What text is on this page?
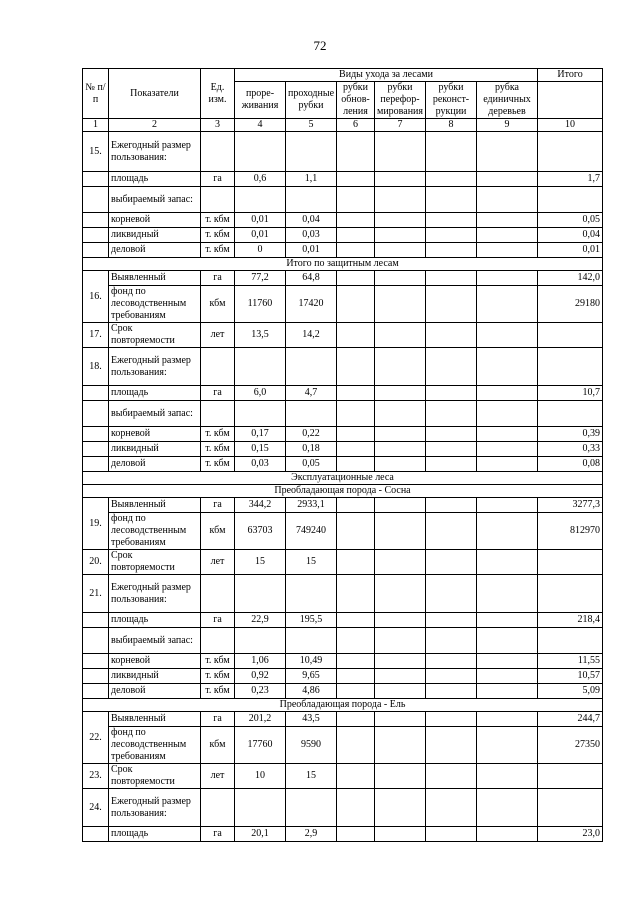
72
№ п/п	Показатели	Ед. изм.	Виды ухода за лесами						Итого
			проре-живания	проходные рубки	рубки обнов-ления	рубки перефор-мирования	рубки реконст-рукции	рубка единичных деревьев	
1	2	3	4	5	6	7	8	9	10
15.	Ежегодный размер пользования:								
	площадь	га	0,6	1,1					1,7
	выбираемый запас:								
	корневой	т. кбм	0,01	0,04					0,05
	ликвидный	т. кбм	0,01	0,03					0,04
	деловой	т. кбм	0	0,01					0,01
Итого по защитным лесам									
16.	Выявленный	га	77,2	64,8					142,0
	фонд по лесоводственным требованиям	кбм	11760	17420					29180
17.	Срок повторяемости	лет	13,5	14,2					
18.	Ежегодный размер пользования:								
	площадь	га	6,0	4,7					10,7
	выбираемый запас:								
	корневой	т. кбм	0,17	0,22					0,39
	ликвидный	т. кбм	0,15	0,18					0,33
	деловой	т. кбм	0,03	0,05					0,08
Эксплуатационные леса									
Преобладающая порода - Сосна									
19.	Выявленный	га	344,2	2933,1					3277,3
	фонд по лесоводственным требованиям	кбм	63703	749240					812970
20.	Срок повторяемости	лет	15	15					
21.	Ежегодный размер пользования:								
	площадь	га	22,9	195,5					218,4
	выбираемый запас:								
	корневой	т. кбм	1,06	10,49					11,55
	ликвидный	т. кбм	0,92	9,65					10,57
	деловой	т. кбм	0,23	4,86					5,09
Преобладающая порода - Ель									
22.	Выявленный	га	201,2	43,5					244,7
	фонд по лесоводственным требованиям	кбм	17760	9590					27350
23.	Срок повторяемости	лет	10	15					
24.	Ежегодный размер пользования:								
	площадь	га	20,1	2,9					23,0
